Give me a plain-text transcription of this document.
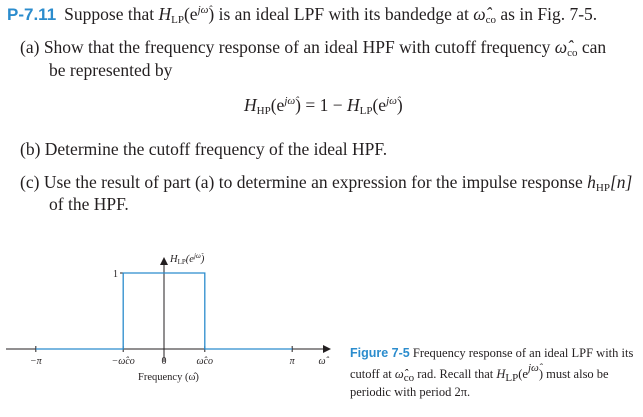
P-7.11 Suppose that $H_{LP}(e^{j\omegâ})$ is an ideal LPF with its bandedge at $\omegâ_{co}$ as in Fig. 7-5.
(a) Show that the frequency response of an ideal HPF with cutoff frequency $\omegâ_{co}$ can
be represented by
$H_{HP}(e^{j\omegâ}) = 1 - H_{LP}(e^{j\omegâ})$
(b) Determine the cutoff frequency of the ideal HPF.
(c) Use the result of part (a) to determine an expression for the impulse response $h_{HP}[n]$
of the HPF.
1
−π	−ω̂co	0	ω̂co	π ω̂
$HLP(e^{j\omegâ})$
Frequency (ω̂)
Figure 7-5 Frequency response of an ideal LPF with its cutoff at $\omegâ_{co}$ rad. Recall that $H_{LP}(e^{j\omegâ})$ must also be periodic with period 2π.
